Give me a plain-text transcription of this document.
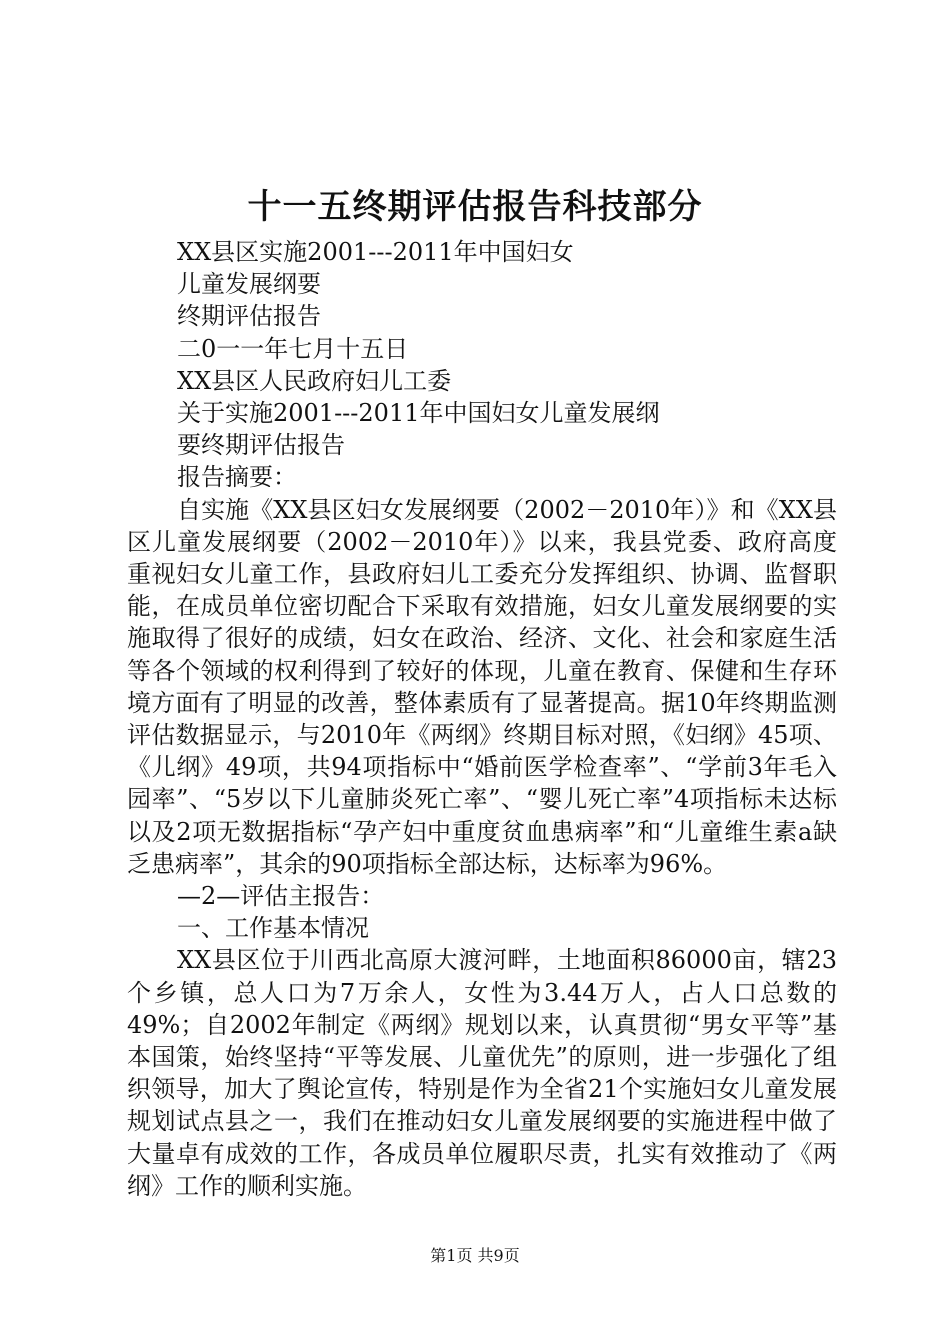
十一五终期评估报告科技部分
XX县区实施2001---2011年中国妇女
儿童发展纲要
终期评估报告
二0一一年七月十五日
XX县区人民政府妇儿工委
关于实施2001---2011年中国妇女儿童发展纲
要终期评估报告
报告摘要：

自实施《XX县区妇女发展纲要（2002－2010年）》和《XX县区儿童发展纲要（2002－2010年）》以来，我县党委、政府高度重视妇女儿童工作，县政府妇儿工委充分发挥组织、协调、监督职能，在成员单位密切配合下采取有效措施，妇女儿童发展纲要的实施取得了很好的成绩，妇女在政治、经济、文化、社会和家庭生活等各个领域的权利得到了较好的体现，儿童在教育、保健和生存环境方面有了明显的改善，整体素质有了显著提高。据10年终期监测评估数据显示，与2010年《两纲》终期目标对照，《妇纲》45项、《儿纲》49项，共94项指标中“婚前医学检查率”、“学前3年毛入园率”、“5岁以下儿童肺炎死亡率”、“婴儿死亡率”4项指标未达标以及2项无数据指标“孕产妇中重度贫血患病率”和“儿童维生素a缺乏患病率”，其余的90项指标全部达标，达标率为96%。

—2—评估主报告：
一、工作基本情况

XX县区位于川西北高原大渡河畔，土地面积86000亩，辖23个乡镇，总人口为7万余人，女性为3.44万人，占人口总数的49%；自2002年制定《两纲》规划以来，认真贯彻“男女平等”基本国策，始终坚持“平等发展、儿童优先”的原则，进一步强化了组织领导，加大了舆论宣传，特别是作为全省21个实施妇女儿童发展规划试点县之一，我们在推动妇女儿童发展纲要的实施进程中做了大量卓有成效的工作，各成员单位履职尽责，扎实有效推动了《两纲》工作的顺利实施。

第1页 共9页
